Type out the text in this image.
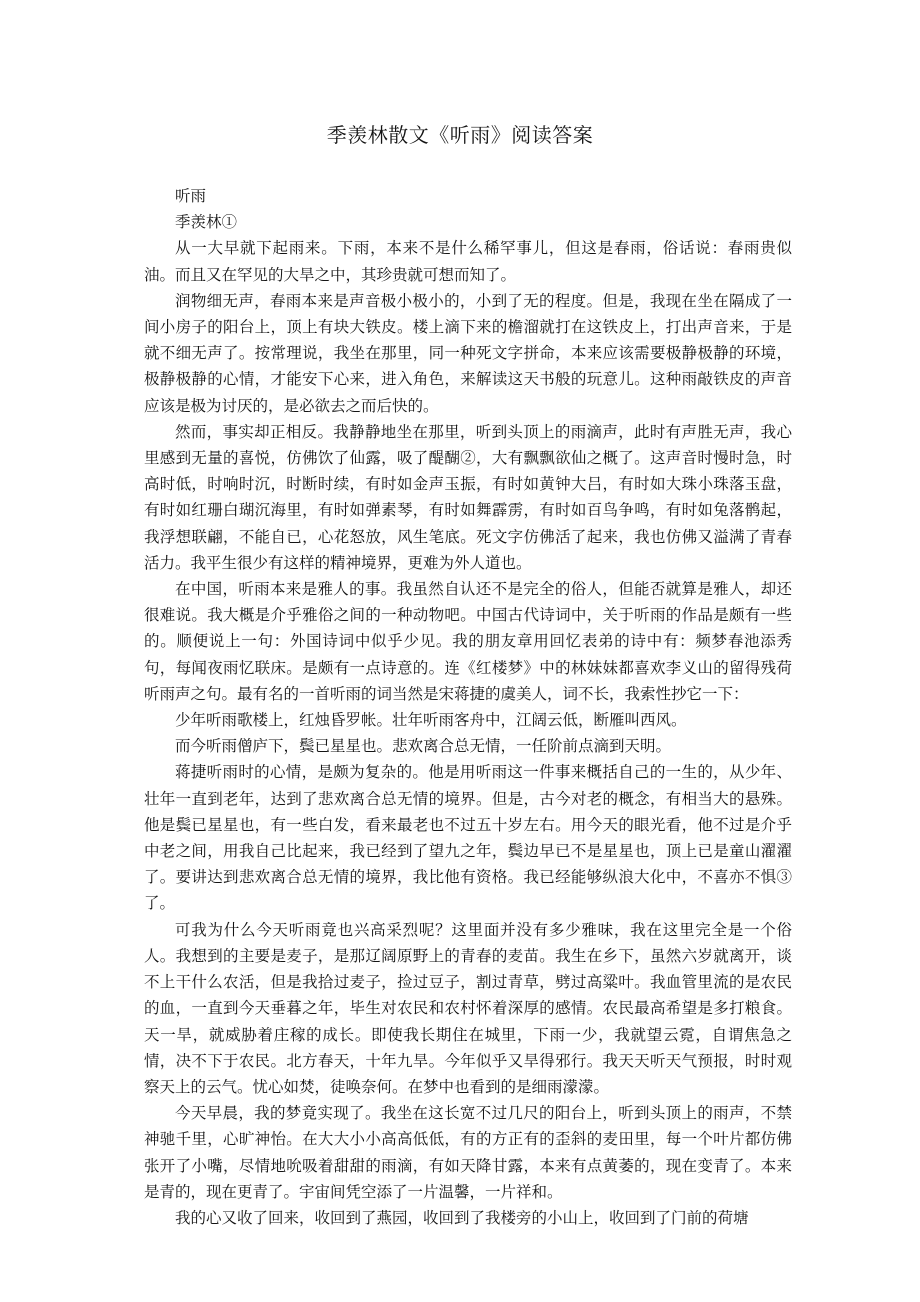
季羡林散文《听雨》阅读答案

听雨

季羡林①

从一大早就下起雨来。下雨，本来不是什么稀罕事儿，但这是春雨，俗话说：春雨贵似油。而且又在罕见的大旱之中，其珍贵就可想而知了。

润物细无声，春雨本来是声音极小极小的，小到了无的程度。但是，我现在坐在隔成了一间小房子的阳台上，顶上有块大铁皮。楼上滴下来的檐溜就打在这铁皮上，打出声音来，于是就不细无声了。按常理说，我坐在那里，同一种死文字拼命，本来应该需要极静极静的环境，极静极静的心情，才能安下心来，进入角色，来解读这天书般的玩意儿。这种雨敲铁皮的声音应该是极为讨厌的，是必欲去之而后快的。

然而，事实却正相反。我静静地坐在那里，听到头顶上的雨滴声，此时有声胜无声，我心里感到无量的喜悦，仿佛饮了仙露，吸了醍醐②，大有飘飘欲仙之概了。这声音时慢时急，时高时低，时响时沉，时断时续，有时如金声玉振，有时如黄钟大吕，有时如大珠小珠落玉盘，有时如红珊白瑚沉海里，有时如弹素琴，有时如舞霹雳，有时如百鸟争鸣，有时如兔落鹘起，我浮想联翩，不能自已，心花怒放，风生笔底。死文字仿佛活了起来，我也仿佛又溢满了青春活力。我平生很少有这样的精神境界，更难为外人道也。

在中国，听雨本来是雅人的事。我虽然自认还不是完全的俗人，但能否就算是雅人，却还很难说。我大概是介乎雅俗之间的一种动物吧。中国古代诗词中，关于听雨的作品是颇有一些的。顺便说上一句：外国诗词中似乎少见。我的朋友章用回忆表弟的诗中有：频梦春池添秀句，每闻夜雨忆联床。是颇有一点诗意的。连《红楼梦》中的林妹妹都喜欢李义山的留得残荷听雨声之句。最有名的一首听雨的词当然是宋蒋捷的虞美人，词不长，我索性抄它一下：

少年听雨歌楼上，红烛昏罗帐。壮年听雨客舟中，江阔云低，断雁叫西风。

而今听雨僧庐下，鬓已星星也。悲欢离合总无情，一任阶前点滴到天明。

蒋捷听雨时的心情，是颇为复杂的。他是用听雨这一件事来概括自己的一生的，从少年、壮年一直到老年，达到了悲欢离合总无情的境界。但是，古今对老的概念，有相当大的悬殊。他是鬓已星星也，有一些白发，看来最老也不过五十岁左右。用今天的眼光看，他不过是介乎中老之间，用我自己比起来，我已经到了望九之年，鬓边早已不是星星也，顶上已是童山濯濯了。要讲达到悲欢离合总无情的境界，我比他有资格。我已经能够纵浪大化中，不喜亦不惧③了。

可我为什么今天听雨竟也兴高采烈呢？这里面并没有多少雅味，我在这里完全是一个俗人。我想到的主要是麦子，是那辽阔原野上的青春的麦苗。我生在乡下，虽然六岁就离开，谈不上干什么农活，但是我拾过麦子，捡过豆子，割过青草，劈过高粱叶。我血管里流的是农民的血，一直到今天垂暮之年，毕生对农民和农村怀着深厚的感情。农民最高希望是多打粮食。天一旱，就威胁着庄稼的成长。即使我长期住在城里，下雨一少，我就望云霓，自谓焦急之情，决不下于农民。北方春天，十年九旱。今年似乎又旱得邪行。我天天听天气预报，时时观察天上的云气。忧心如焚，徒唤奈何。在梦中也看到的是细雨濛濛。

今天早晨，我的梦竟实现了。我坐在这长宽不过几尺的阳台上，听到头顶上的雨声，不禁神驰千里，心旷神怡。在大大小小高高低低，有的方正有的歪斜的麦田里，每一个叶片都仿佛张开了小嘴，尽情地吮吸着甜甜的雨滴，有如天降甘露，本来有点黄萎的，现在变青了。本来是青的，现在更青了。宇宙间凭空添了一片温馨，一片祥和。

我的心又收了回来，收回到了燕园，收回到了我楼旁的小山上，收回到了门前的荷塘
